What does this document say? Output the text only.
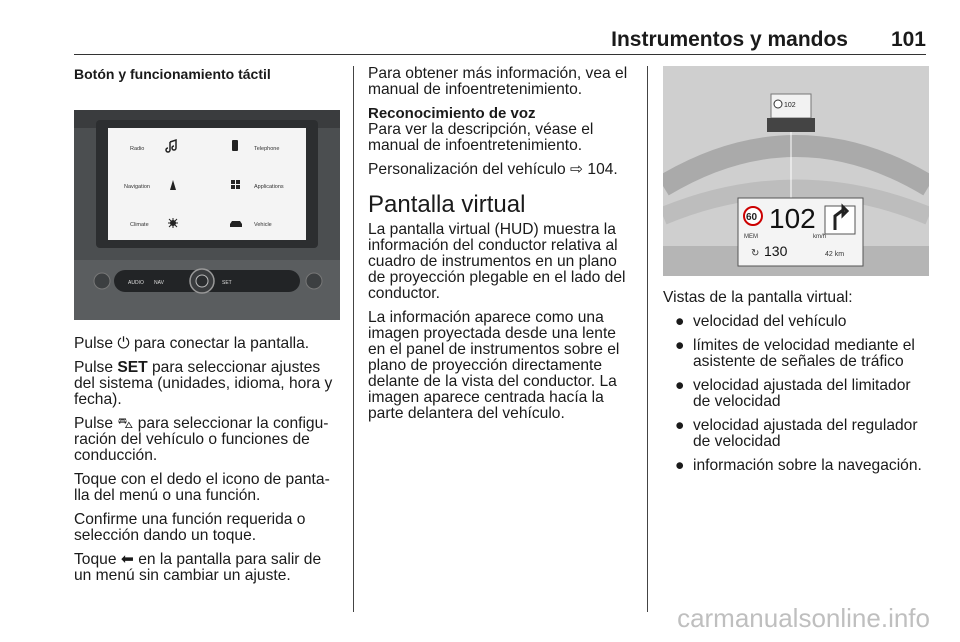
Instrumentos y mandos 101
Botón y funcionamiento táctil
Radio	Telephone
Navigation	Applications
Climate	Vehicle
AUDIO NAV	SET

Pulse ⏻ para conectar la pantalla.

Pulse SET para seleccionar ajustes del sistema (unidades, idioma, hora y fecha).

Pulse ⛍ para seleccionar la configu‐ ración del vehículo o funciones de conducción.

Toque con el dedo el icono de panta‐ lla del menú o una función.

Confirme una función requerida o selección dando un toque.

Toque ⬅ en la pantalla para salir de un menú sin cambiar un ajuste.

Para obtener más información, vea el manual de infoentretenimiento.

Reconocimiento de voz

Para ver la descripción, véase el manual de infoentretenimiento.

Personalización del vehículo ⇨ 104.

Pantalla virtual

La pantalla virtual (HUD) muestra la información del conductor relativa al cuadro de instrumentos en un plano de proyección plegable en el lado del conductor.

La información aparece como una imagen proyectada desde una lente en el panel de instrumentos sobre el plano de proyección directamente delante de la vista del conductor. La imagen aparece centrada hacía la parte delantera del vehículo.

102
60
MEM
102
km/h
130
↻	42 km

Vistas de la pantalla virtual:

● velocidad del vehículo
● límites de velocidad mediante el asistente de señales de tráfico
● velocidad ajustada del limitador de velocidad
● velocidad ajustada del regulador de velocidad
● información sobre la navegación.
carmanualsonline.info
